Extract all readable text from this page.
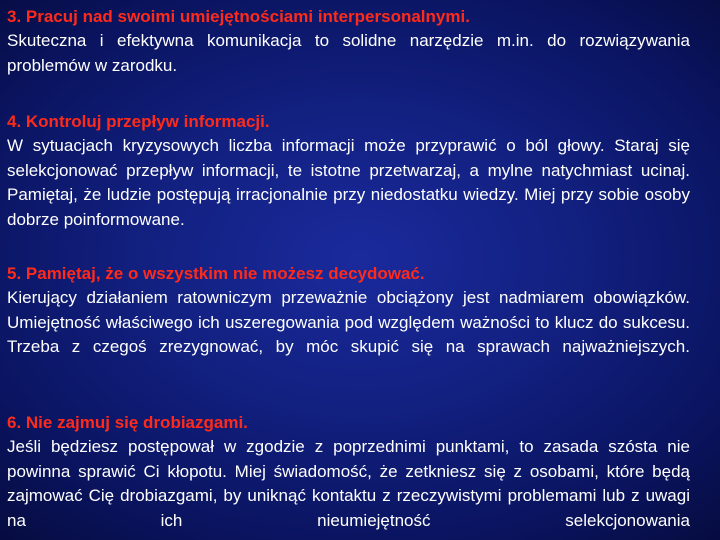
3. Pracuj nad swoimi umiejętnościami interpersonalnymi.

Skuteczna i efektywna komunikacja to solidne narzędzie m.in. do rozwiązywania problemów w zarodku.

4. Kontroluj przepływ informacji.

W sytuacjach kryzysowych liczba informacji może przyprawić o ból głowy. Staraj się selekcjonować przepływ informacji, te istotne przetwarzaj, a mylne natychmiast ucinaj. Pamiętaj, że ludzie postępują irracjonalnie przy niedostatku wiedzy. Miej przy sobie osoby dobrze poinformowane.

5. Pamiętaj, że o wszystkim nie możesz decydować.

Kierujący działaniem ratowniczym przeważnie obciążony jest nadmiarem obowiązków. Umiejętność właściwego ich uszeregowania pod względem ważności to klucz do sukcesu. Trzeba z czegoś zrezygnować, by móc skupić się na sprawach najważniejszych.

6. Nie zajmuj się drobiazgami.

Jeśli będziesz postępował w zgodzie z poprzednimi punktami, to zasada szósta nie powinna sprawić Ci kłopotu. Miej świadomość, że zetkniesz się z osobami, które będą zajmować Cię drobiazgami, by uniknąć kontaktu z rzeczywistymi problemami lub z uwagi na ich nieumiejętność selekcjonowania
